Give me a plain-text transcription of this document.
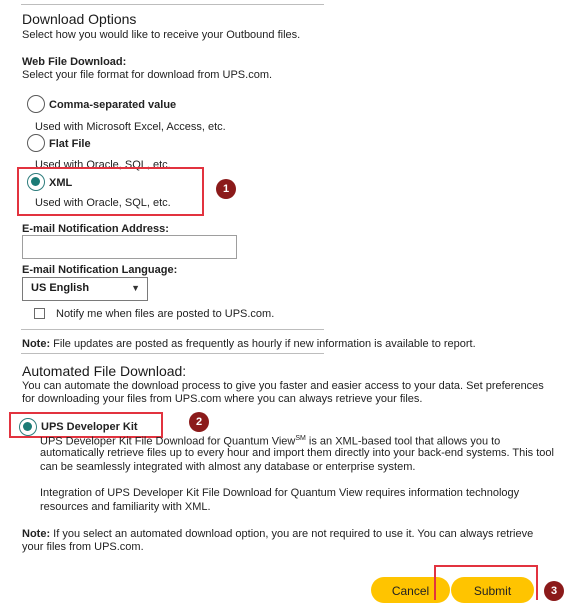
Download Options
Select how you would like to receive your Outbound files.
Web File Download:
Select your file format for download from UPS.com.
Comma-separated value
Used with Microsoft Excel, Access, etc.
Flat File
Used with Oracle, SQL, etc.
XML
Used with Oracle, SQL, etc.
1
E-mail Notification Address:
E-mail Notification Language:
US English	▼
Notify me when files are posted to UPS.com.
Note: File updates are posted as frequently as hourly if new information is available to report.
Automated File Download:
You can automate the download process to give you faster and easier access to your data. Set preferences
for downloading your files from UPS.com where you can always retrieve your files.
UPS Developer Kit	2
UPS Developer Kit File Download for Quantum View℠ is an XML-based tool that allows you to
automatically retrieve files up to every hour and import them directly into your back-end systems. This tool
can be seamlessly integrated with almost any database or enterprise system.
Integration of UPS Developer Kit File Download for Quantum View requires information technology
resources and familiarity with XML.
Note: If you select an automated download option, you are not required to use it. You can always retrieve
your files from UPS.com.
Cancel	Submit	3
